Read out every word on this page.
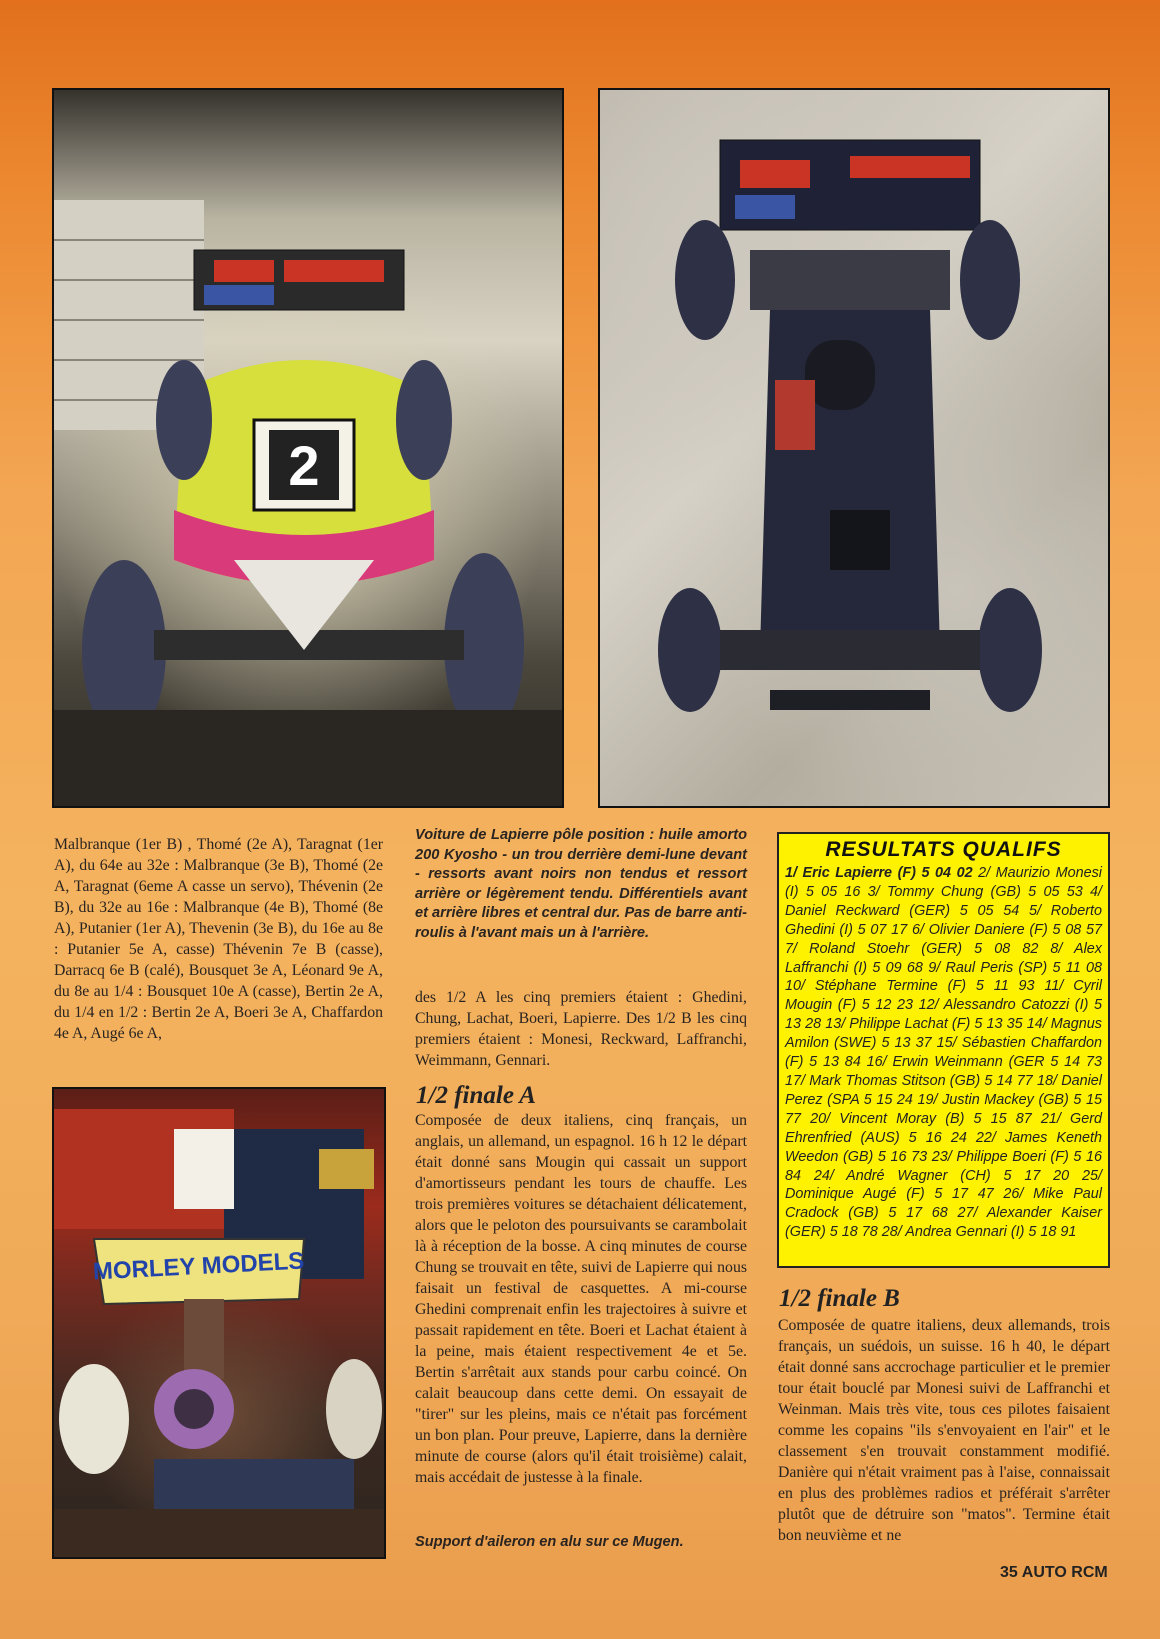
2
MORLEY MODELS

Malbranque (1er B) , Thomé (2e A), Taragnat (1er A), du 64e au 32e : Malbranque (3e B), Thomé (2e A, Taragnat (6eme A casse un servo), Thévenin (2e B), du 32e au 16e : Malbranque (4e B), Thomé (8e A), Putanier (1er A), Thevenin (3e B), du 16e au 8e : Putanier 5e A, casse) Thévenin 7e B (casse), Darracq 6e B (calé), Bousquet 3e A, Léonard 9e A, du 8e au 1/4 : Bousquet 10e A (casse), Bertin 2e A, du 1/4 en 1/2 : Bertin 2e A, Boeri 3e A, Chaffardon 4e A, Augé 6e A,

Voiture de Lapierre pôle position : huile amorto 200 Kyosho - un trou derrière demi-lune devant - ressorts avant noirs non tendus et ressort arrière or légèrement tendu. Différentiels avant et arrière libres et central dur. Pas de barre anti-roulis à l'avant mais un à l'arrière.
des 1/2 A les cinq premiers étaient : Ghedini, Chung, Lachat, Boeri, Lapierre. Des 1/2 B les cinq premiers étaient : Monesi, Reckward, Laffranchi, Weimmann, Gennari.
1/2 finale A
Composée de deux italiens, cinq français, un anglais, un allemand, un espagnol. 16 h 12 le départ était donné sans Mougin qui cassait un support d'amortisseurs pendant les tours de chauffe. Les trois premières voitures se détachaient délicatement, alors que le peloton des poursuivants se carambolait là à réception de la bosse. A cinq minutes de course Chung se trouvait en tête, suivi de Lapierre qui nous faisait un festival de casquettes. A mi-course Ghedini comprenait enfin les trajectoires à suivre et passait rapidement en tête. Boeri et Lachat étaient à la peine, mais étaient respectivement 4e et 5e. Bertin s'arrêtait aux stands pour carbu coincé. On calait beaucoup dans cette demi. On essayait de "tirer" sur les pleins, mais ce n'était pas forcément un bon plan. Pour preuve, Lapierre, dans la dernière minute de course (alors qu'il était troisième) calait, mais accédait de justesse à la finale.
Support d'aileron en alu sur ce Mugen.
RESULTATS QUALIFS
1/ Eric Lapierre (F) 5 04 02 2/ Maurizio Monesi (I) 5 05 16 3/ Tommy Chung (GB) 5 05 53 4/ Daniel Reckward (GER) 5 05 54 5/ Roberto Ghedini (I) 5 07 17 6/ Olivier Daniere (F) 5 08 57 7/ Roland Stoehr (GER) 5 08 82 8/ Alex Laffranchi (I) 5 09 68 9/ Raul Peris (SP) 5 11 08 10/ Stéphane Termine (F) 5 11 93 11/ Cyril Mougin (F) 5 12 23 12/ Alessandro Catozzi (I) 5 13 28 13/ Philippe Lachat (F) 5 13 35 14/ Magnus Amilon (SWE) 5 13 37 15/ Sébastien Chaffardon (F) 5 13 84 16/ Erwin Weinmann (GER 5 14 73 17/ Mark Thomas Stitson (GB) 5 14 77 18/ Daniel Perez (SPA 5 15 24 19/ Justin Mackey (GB) 5 15 77 20/ Vincent Moray (B) 5 15 87 21/ Gerd Ehrenfried (AUS) 5 16 24 22/ James Keneth Weedon (GB) 5 16 73 23/ Philippe Boeri (F) 5 16 84 24/ André Wagner (CH) 5 17 20 25/ Dominique Augé (F) 5 17 47 26/ Mike Paul Cradock (GB) 5 17 68 27/ Alexander Kaiser (GER) 5 18 78 28/ Andrea Gennari (I) 5 18 91
1/2 finale B
Composée de quatre italiens, deux allemands, trois français, un suédois, un suisse. 16 h 40, le départ était donné sans accrochage particulier et le premier tour était bouclé par Monesi suivi de Laffranchi et Weinman. Mais très vite, tous ces pilotes faisaient comme les copains "ils s'envoyaient en l'air" et le classement s'en trouvait constamment modifié. Danière qui n'était vraiment pas à l'aise, connaissait en plus des problèmes radios et préférait s'arrêter plutôt que de détruire son "matos". Termine était bon neuvième et ne
35 AUTO RCM
